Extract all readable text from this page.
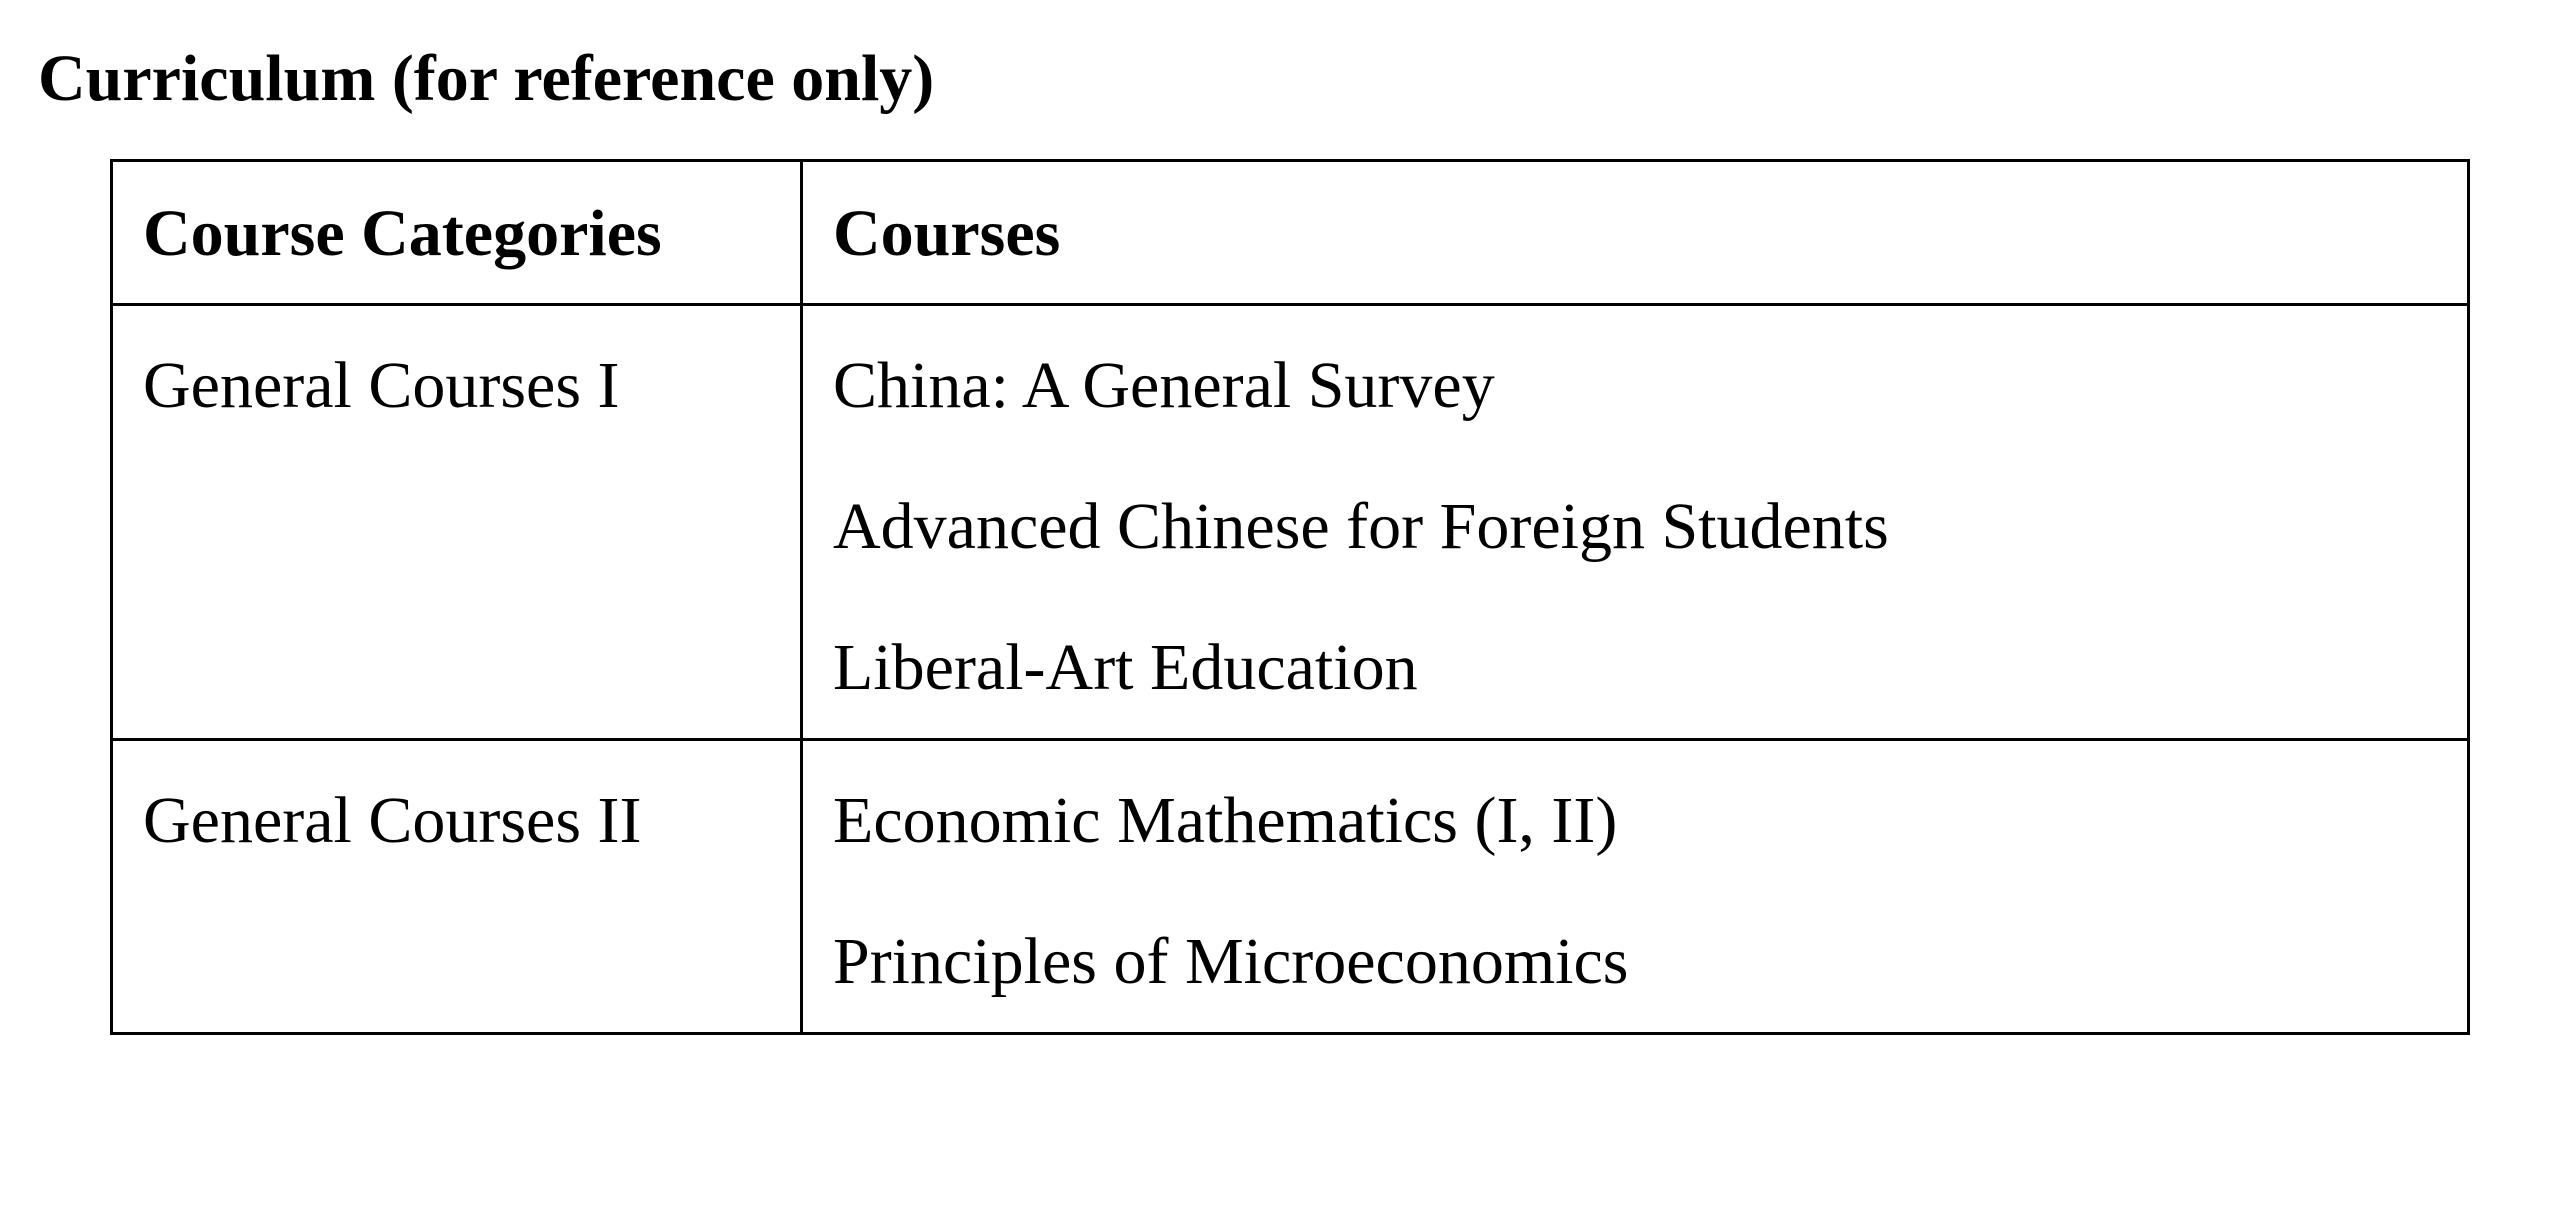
Curriculum (for reference only)
Course Categories	Courses

General Courses I	China: A General Survey
Advanced Chinese for Foreign Students
Liberal-Art Education

General Courses II	Economic Mathematics (I, II)
Principles of Microeconomics
